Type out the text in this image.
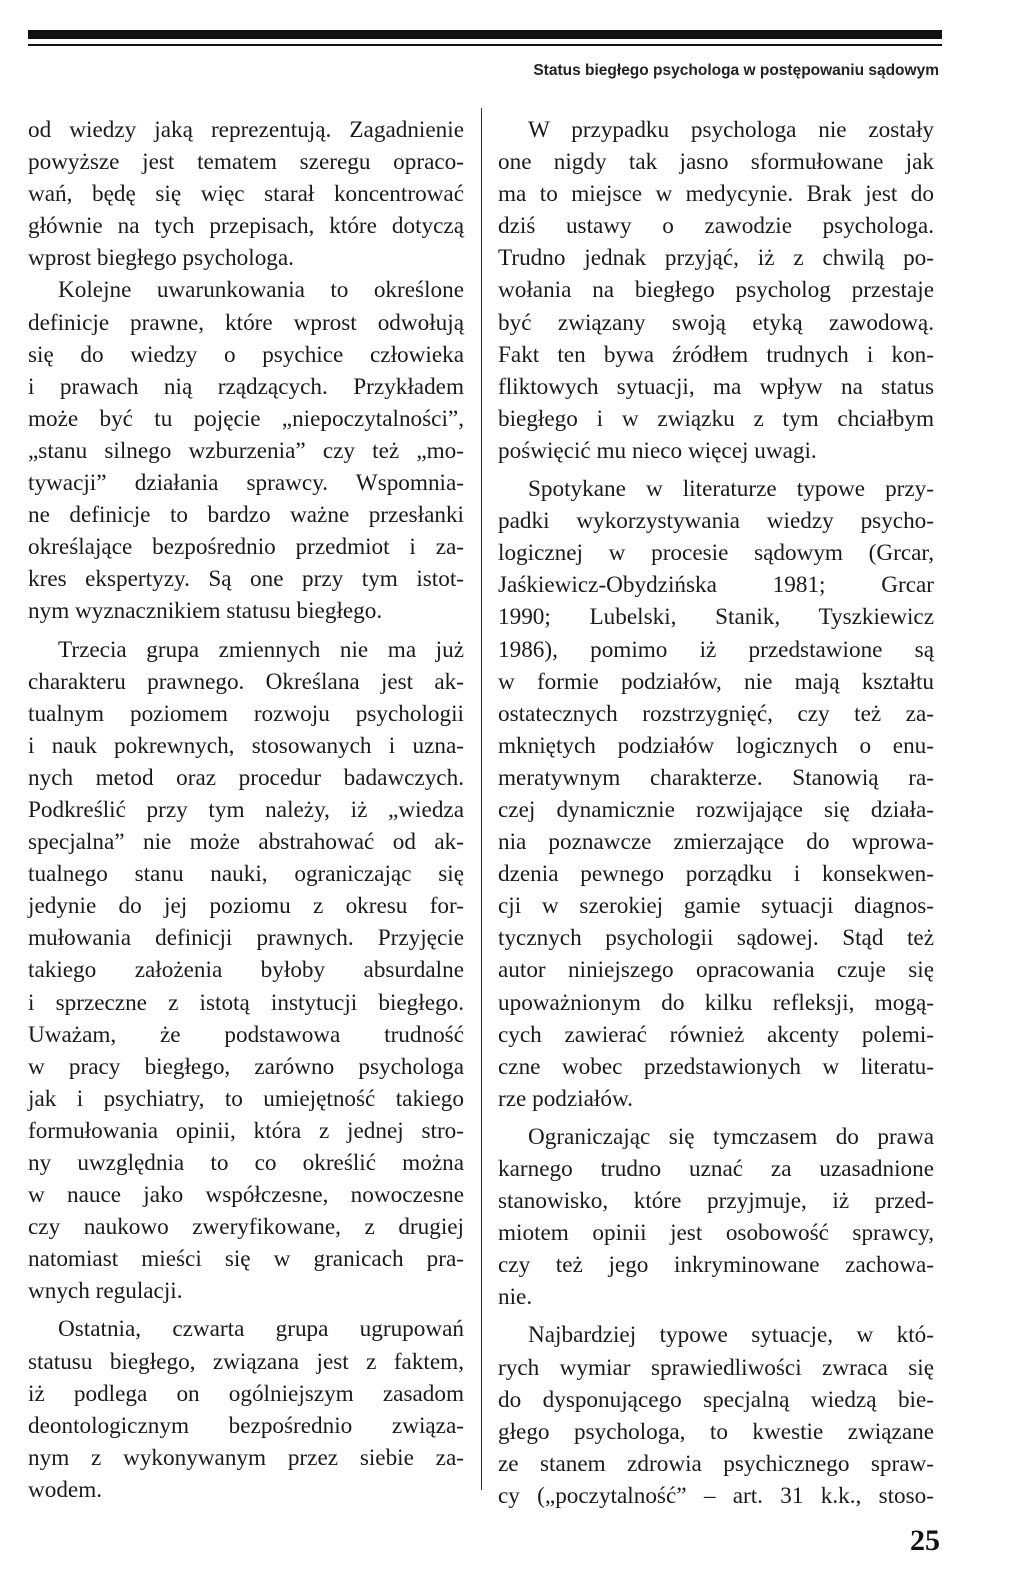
Status biegłego psychologa w postępowaniu sądowym
od wiedzy jaką reprezentują. Zagadnienie
powyższe jest tematem szeregu opraco-
wań, będę się więc starał koncentrować
głównie na tych przepisach, które dotyczą
wprost biegłego psychologa.
Kolejne uwarunkowania to określone
definicje prawne, które wprost odwołują
się do wiedzy o psychice człowieka
i prawach nią rządzących. Przykładem
może być tu pojęcie „niepoczytalności”,
„stanu silnego wzburzenia” czy też „mo-
tywacji” działania sprawcy. Wspomnia-
ne definicje to bardzo ważne przesłanki
określające bezpośrednio przedmiot i za-
kres ekspertyzy. Są one przy tym istot-
nym wyznacznikiem statusu biegłego.
Trzecia grupa zmiennych nie ma już
charakteru prawnego. Określana jest ak-
tualnym poziomem rozwoju psychologii
i nauk pokrewnych, stosowanych i uzna-
nych metod oraz procedur badawczych.
Podkreślić przy tym należy, iż „wiedza
specjalna” nie może abstrahować od ak-
tualnego stanu nauki, ograniczając się
jedynie do jej poziomu z okresu for-
mułowania definicji prawnych. Przyjęcie
takiego założenia byłoby absurdalne
i sprzeczne z istotą instytucji biegłego.
Uważam, że podstawowa trudność
w pracy biegłego, zarówno psychologa
jak i psychiatry, to umiejętność takiego
formułowania opinii, która z jednej stro-
ny uwzględnia to co określić można
w nauce jako współczesne, nowoczesne
czy naukowo zweryfikowane, z drugiej
natomiast mieści się w granicach pra-
wnych regulacji.
Ostatnia, czwarta grupa ugrupowań
statusu biegłego, związana jest z faktem,
iż podlega on ogólniejszym zasadom
deontologicznym bezpośrednio związa-
nym z wykonywanym przez siebie za-
wodem.
W przypadku psychologa nie zostały
one nigdy tak jasno sformułowane jak
ma to miejsce w medycynie. Brak jest do
dziś ustawy o zawodzie psychologa.
Trudno jednak przyjąć, iż z chwilą po-
wołania na biegłego psycholog przestaje
być związany swoją etyką zawodową.
Fakt ten bywa źródłem trudnych i kon-
fliktowych sytuacji, ma wpływ na status
biegłego i w związku z tym chciałbym
poświęcić mu nieco więcej uwagi.
Spotykane w literaturze typowe przy-
padki wykorzystywania wiedzy psycho-
logicznej w procesie sądowym (Grcar,
Jaśkiewicz-Obydzińska 1981; Grcar
1990; Lubelski, Stanik, Tyszkiewicz
1986), pomimo iż przedstawione są
w formie podziałów, nie mają kształtu
ostatecznych rozstrzygnięć, czy też za-
mkniętych podziałów logicznych o enu-
meratywnym charakterze. Stanowią ra-
czej dynamicznie rozwijające się działa-
nia poznawcze zmierzające do wprowa-
dzenia pewnego porządku i konsekwen-
cji w szerokiej gamie sytuacji diagnos-
tycznych psychologii sądowej. Stąd też
autor niniejszego opracowania czuje się
upoważnionym do kilku refleksji, mogą-
cych zawierać również akcenty polemi-
czne wobec przedstawionych w literatu-
rze podziałów.
Ograniczając się tymczasem do prawa
karnego trudno uznać za uzasadnione
stanowisko, które przyjmuje, iż przed-
miotem opinii jest osobowość sprawcy,
czy też jego inkryminowane zachowa-
nie.
Najbardziej typowe sytuacje, w któ-
rych wymiar sprawiedliwości zwraca się
do dysponującego specjalną wiedzą bie-
głego psychologa, to kwestie związane
ze stanem zdrowia psychicznego spraw-
cy („poczytalność” – art. 31 k.k., stoso-
25
